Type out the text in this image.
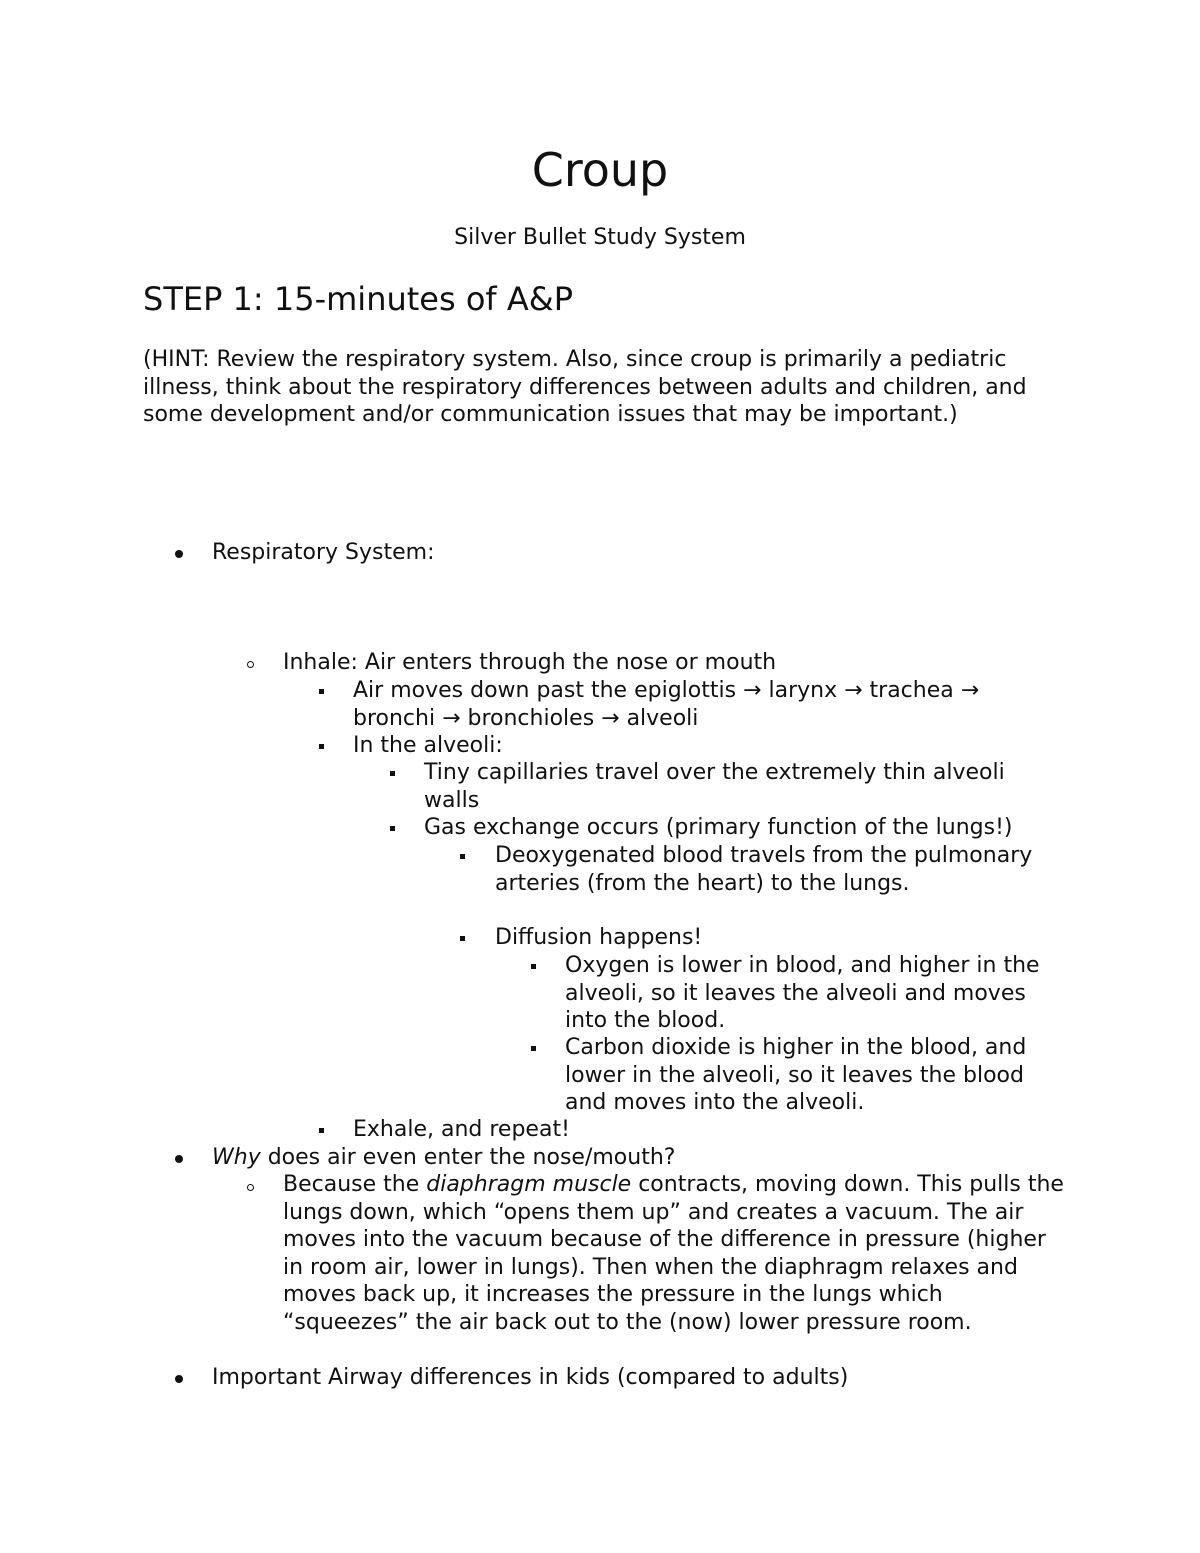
Croup
Silver Bullet Study System
STEP 1: 15-minutes of A&P
(HINT: Review the respiratory system. Also, since croup is primarily a pediatric illness, think about the respiratory differences between adults and children, and some development and/or communication issues that may be important.)
Respiratory System:
Inhale: Air enters through the nose or mouth
Air moves down past the epiglottis → larynx → trachea → bronchi → bronchioles → alveoli
In the alveoli:
Tiny capillaries travel over the extremely thin alveoli walls
Gas exchange occurs (primary function of the lungs!)
Deoxygenated blood travels from the pulmonary arteries (from the heart) to the lungs.
Diffusion happens!
Oxygen is lower in blood, and higher in the alveoli, so it leaves the alveoli and moves into the blood.
Carbon dioxide is higher in the blood, and lower in the alveoli, so it leaves the blood and moves into the alveoli.
Exhale, and repeat!
Why does air even enter the nose/mouth?
Because the diaphragm muscle contracts, moving down. This pulls the lungs down, which “opens them up” and creates a vacuum. The air moves into the vacuum because of the difference in pressure (higher in room air, lower in lungs). Then when the diaphragm relaxes and moves back up, it increases the pressure in the lungs which “squeezes” the air back out to the (now) lower pressure room.
Important Airway differences in kids (compared to adults)
